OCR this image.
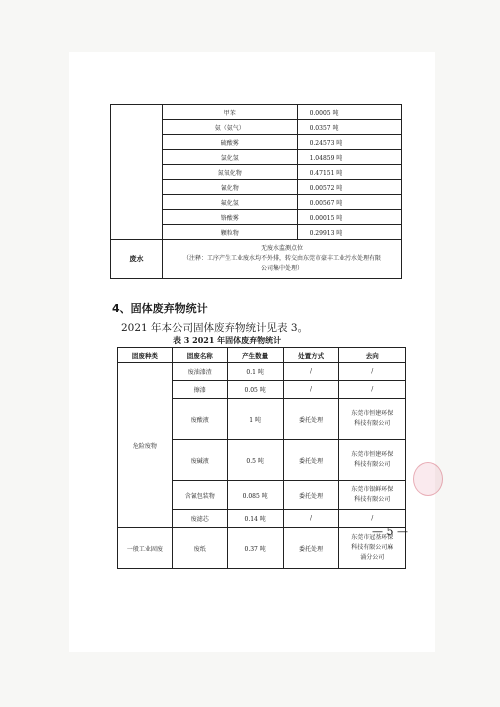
	甲苯	0.0005 吨
	氨（氨气）	0.0357 吨
	硫酸雾	0.24573 吨
	氯化氢	1.04859 吨
	氮氧化物	0.47151 吨
	氰化物	0.00572 吨
	氟化氢	0.00567 吨
	铬酸雾	0.00015 吨
	颗粒物	0.29913 吨
废水	无废水监测点位
（注释：工序产生工业废水均不外排，转交由东莞市豪丰工业污水处理有限
公司集中处理）	
4、固体废弃物统计
2021 年本公司固体废弃物统计见表 3。
表 3 2021 年固体废弃物统计
固废种类	固废名称	产生数量	处置方式	去向
危险废物	废油漆渣	0.1 吨	/	/
	擦漆	0.05 吨	/	/
	废酸液	1 吨	委托处理	东莞市恒建环保
科技有限公司

	废碱液	0.5 吨	委托处理	东莞市恒建环保
科技有限公司

	含氰包装物	0.085 吨	委托处理	东莞市银鲜环保
科技有限公司

	废滤芯	0.14 吨	/	/
一般工业固废	废纸	0.37 吨	委托处理	东莞市冠基环保
科技有限公司麻
涌分公司
— 5 —
